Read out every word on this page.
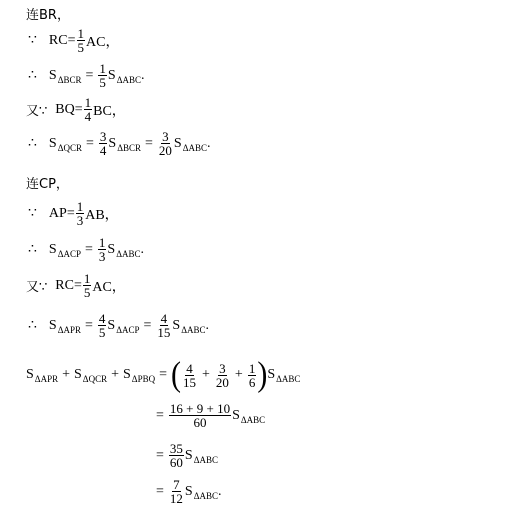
连BR，
∵ $RC= \frac{1}{5}$ AC，
∴ S $\Delta BCR = \frac{1}{5}$ S ΔABC .
又∵ $BQ= \frac{1}{4}$ BC，
∴ S $\Delta QCR = \frac{3}{4}$ S $\Delta BCR = \frac{3}{20}$ S ΔABC .
连CP，
∵ $AP= \frac{1}{3}$ AB，
∴ S $\Delta ACP = \frac{1}{3}$ S ΔABC .
又∵ $RC= \frac{1}{5}$ AC，
∴ S $\Delta APR = \frac{4}{5}$ S $\Delta ACP = \frac{4}{15}$ S ΔABC .
S ΔAPR + S ΔQCR + S ΔPBQ = ( $\frac{4}{15} + \frac{3}{20} + \frac{1}{6}$ ) S ΔABC
= $\frac{16 + 9 + 10}{60}$ S ΔABC
= $\frac{35}{60}$ S ΔABC
= $\frac{7}{12}$ S ΔABC .
